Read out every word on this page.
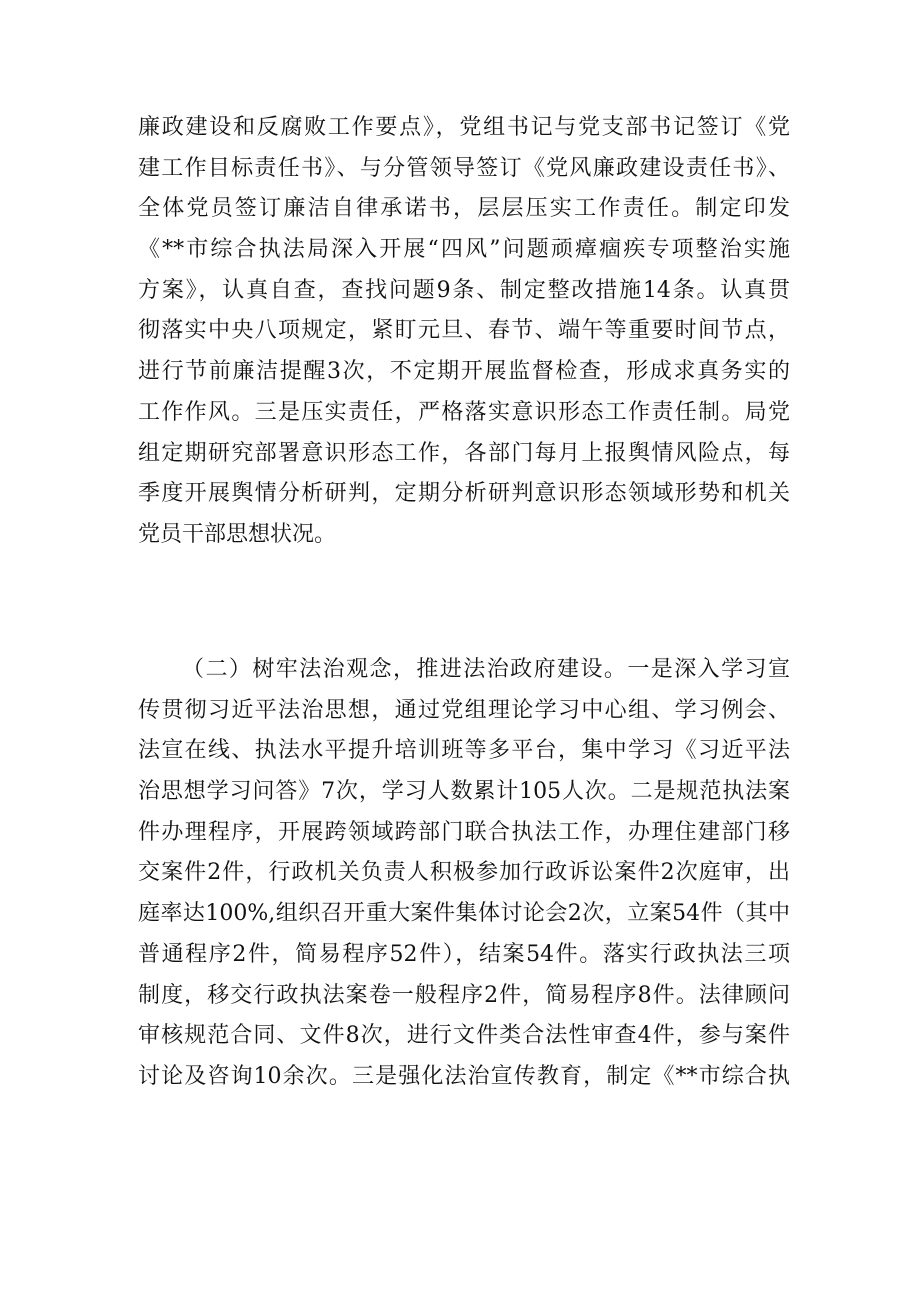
廉政建设和反腐败工作要点》，党组书记与党支部书记签订《党
建工作目标责任书》、与分管领导签订《党风廉政建设责任书》、
全体党员签订廉洁自律承诺书，层层压实工作责任。制定印发
《**市综合执法局深入开展“四风”问题顽瘴痼疾专项整治实施
方案》，认真自查，查找问题9条、制定整改措施14条。认真贯
彻落实中央八项规定，紧盯元旦、春节、端午等重要时间节点，
进行节前廉洁提醒3次，不定期开展监督检查，形成求真务实的
工作作风。三是压实责任，严格落实意识形态工作责任制。局党
组定期研究部署意识形态工作，各部门每月上报舆情风险点，每
季度开展舆情分析研判，定期分析研判意识形态领域形势和机关
党员干部思想状况。
（二）树牢法治观念，推进法治政府建设。一是深入学习宣
传贯彻习近平法治思想，通过党组理论学习中心组、学习例会、
法宣在线、执法水平提升培训班等多平台，集中学习《习近平法
治思想学习问答》7次，学习人数累计105人次。二是规范执法案
件办理程序，开展跨领域跨部门联合执法工作，办理住建部门移
交案件2件，行政机关负责人积极参加行政诉讼案件2次庭审，出
庭率达100%,组织召开重大案件集体讨论会2次，立案54件（其中
普通程序2件，简易程序52件），结案54件。落实行政执法三项
制度，移交行政执法案卷一般程序2件，简易程序8件。法律顾问
审核规范合同、文件8次，进行文件类合法性审查4件，参与案件
讨论及咨询10余次。三是强化法治宣传教育，制定《**市综合执
